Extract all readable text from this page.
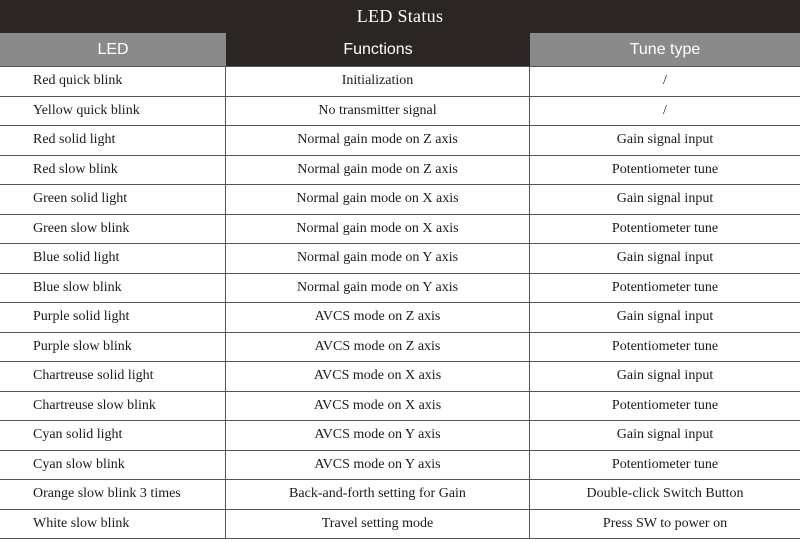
LED Status
LED	Functions	Tune type
Red quick blink	Initialization	/
Yellow quick blink	No transmitter signal	/
Red solid light	Normal gain mode on Z axis	Gain signal input
Red slow blink	Normal gain mode on Z axis	Potentiometer tune
Green solid light	Normal gain mode on X axis	Gain signal input
Green slow blink	Normal gain mode on X axis	Potentiometer tune
Blue solid light	Normal gain mode on Y axis	Gain signal input
Blue slow blink	Normal gain mode on Y axis	Potentiometer tune
Purple solid light	AVCS mode on Z axis	Gain signal input
Purple slow blink	AVCS mode on Z axis	Potentiometer tune
Chartreuse solid light	AVCS mode on X axis	Gain signal input
Chartreuse slow blink	AVCS mode on X axis	Potentiometer tune
Cyan solid light	AVCS mode on Y axis	Gain signal input
Cyan slow blink	AVCS mode on Y axis	Potentiometer tune
Orange slow blink 3 times	Back-and-forth setting for Gain	Double-click Switch Button
White slow blink	Travel setting mode	Press SW to power on
